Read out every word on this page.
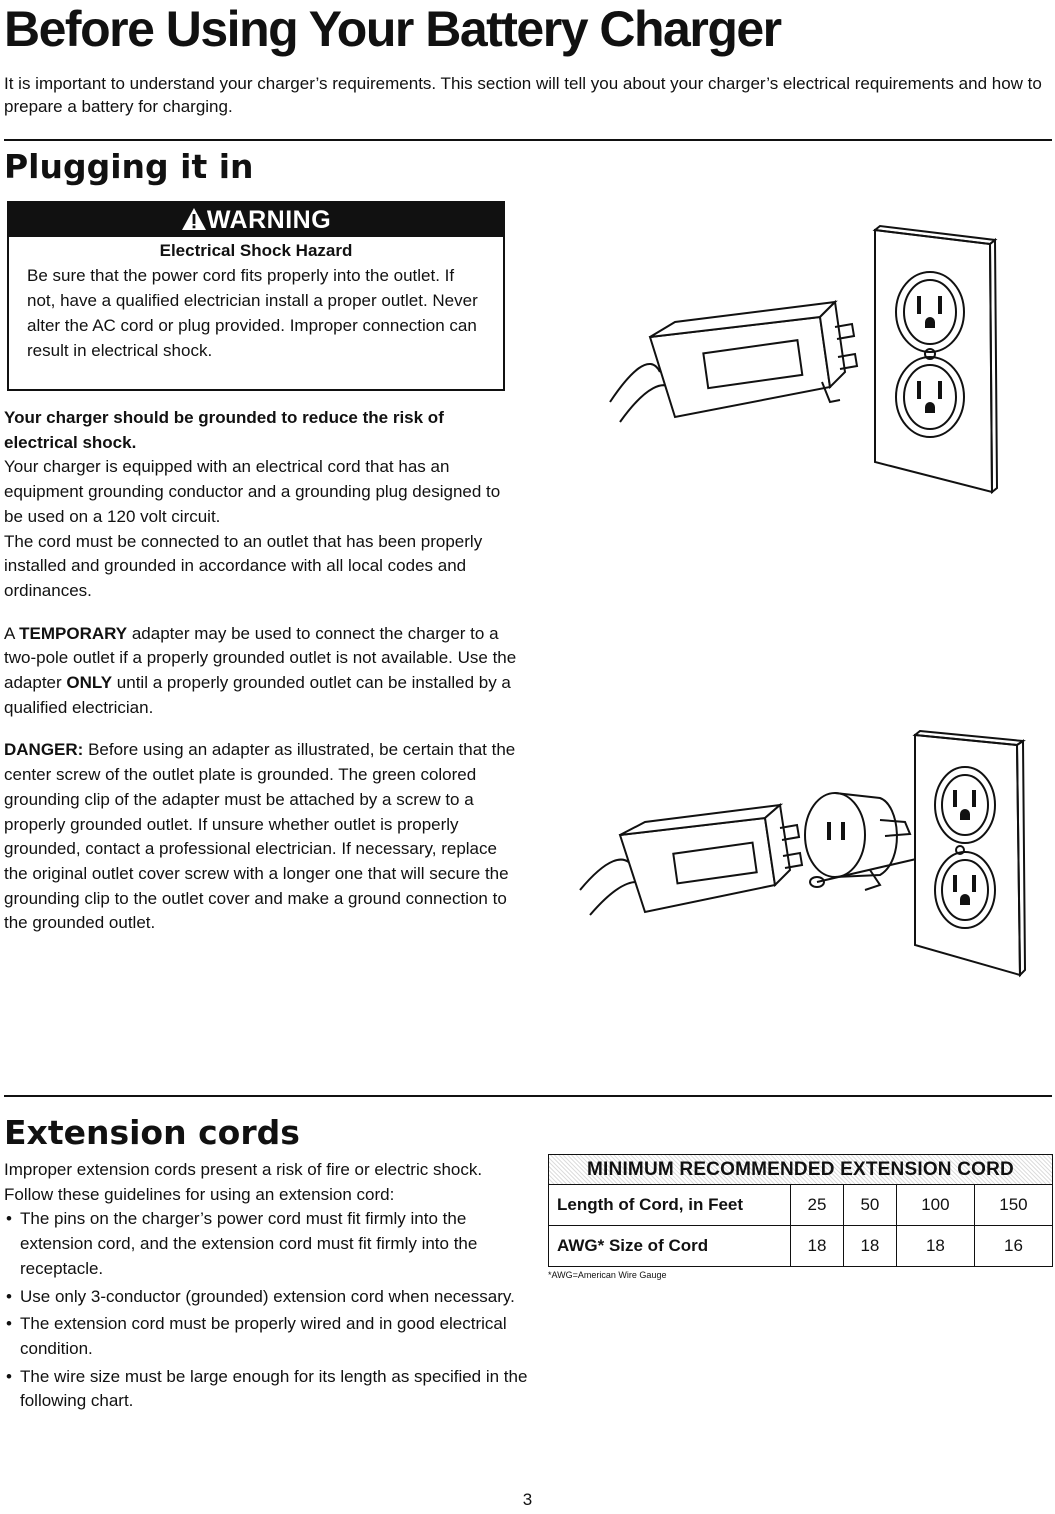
Before Using Your Battery Charger
It is important to understand your charger’s requirements. This section will tell you about your charger’s electrical requirements and how to prepare a battery for charging.
Plugging it in
WARNING
Electrical Shock Hazard
Be sure that the power cord fits properly into the outlet. If not, have a qualified electrician install a proper outlet. Never alter the AC cord or plug provided. Improper connection can result in electrical shock.

Your charger should be grounded to reduce the risk of electrical shock.

Your charger is equipped with an electrical cord that has an equipment grounding conductor and a grounding plug designed to be used on a 120 volt circuit.

The cord must be connected to an outlet that has been properly installed and grounded in accordance with all local codes and ordinances.

A TEMPORARY adapter may be used to connect the charger to a two-pole outlet if a properly grounded outlet is not available. Use the adapter ONLY until a properly grounded outlet can be installed by a qualified electrician.

DANGER: Before using an adapter as illustrated, be certain that the center screw of the outlet plate is grounded. The green colored grounding clip of the adapter must be attached by a screw to a properly grounded outlet. If unsure whether outlet is properly grounded, contact a professional electrician. If necessary, replace the original outlet cover screw with a longer one that will secure the grounding clip to the outlet cover and make a ground connection to the grounded outlet.

Extension cords

Improper extension cords present a risk of fire or electric shock. Follow these guidelines for using an extension cord:

• The pins on the charger’s power cord must fit firmly into the extension cord, and the extension cord must fit firmly into the receptacle.
• Use only 3-conductor (grounded) extension cord when necessary.
• The extension cord must be properly wired and in good electrical condition.
• The wire size must be large enough for its length as specified in the following chart.
MINIMUM RECOMMENDED EXTENSION CORD
Length of Cord, in Feet	25	50	100	150
AWG* Size of Cord	18	18	18	16
*AWG=American Wire Gauge
3
